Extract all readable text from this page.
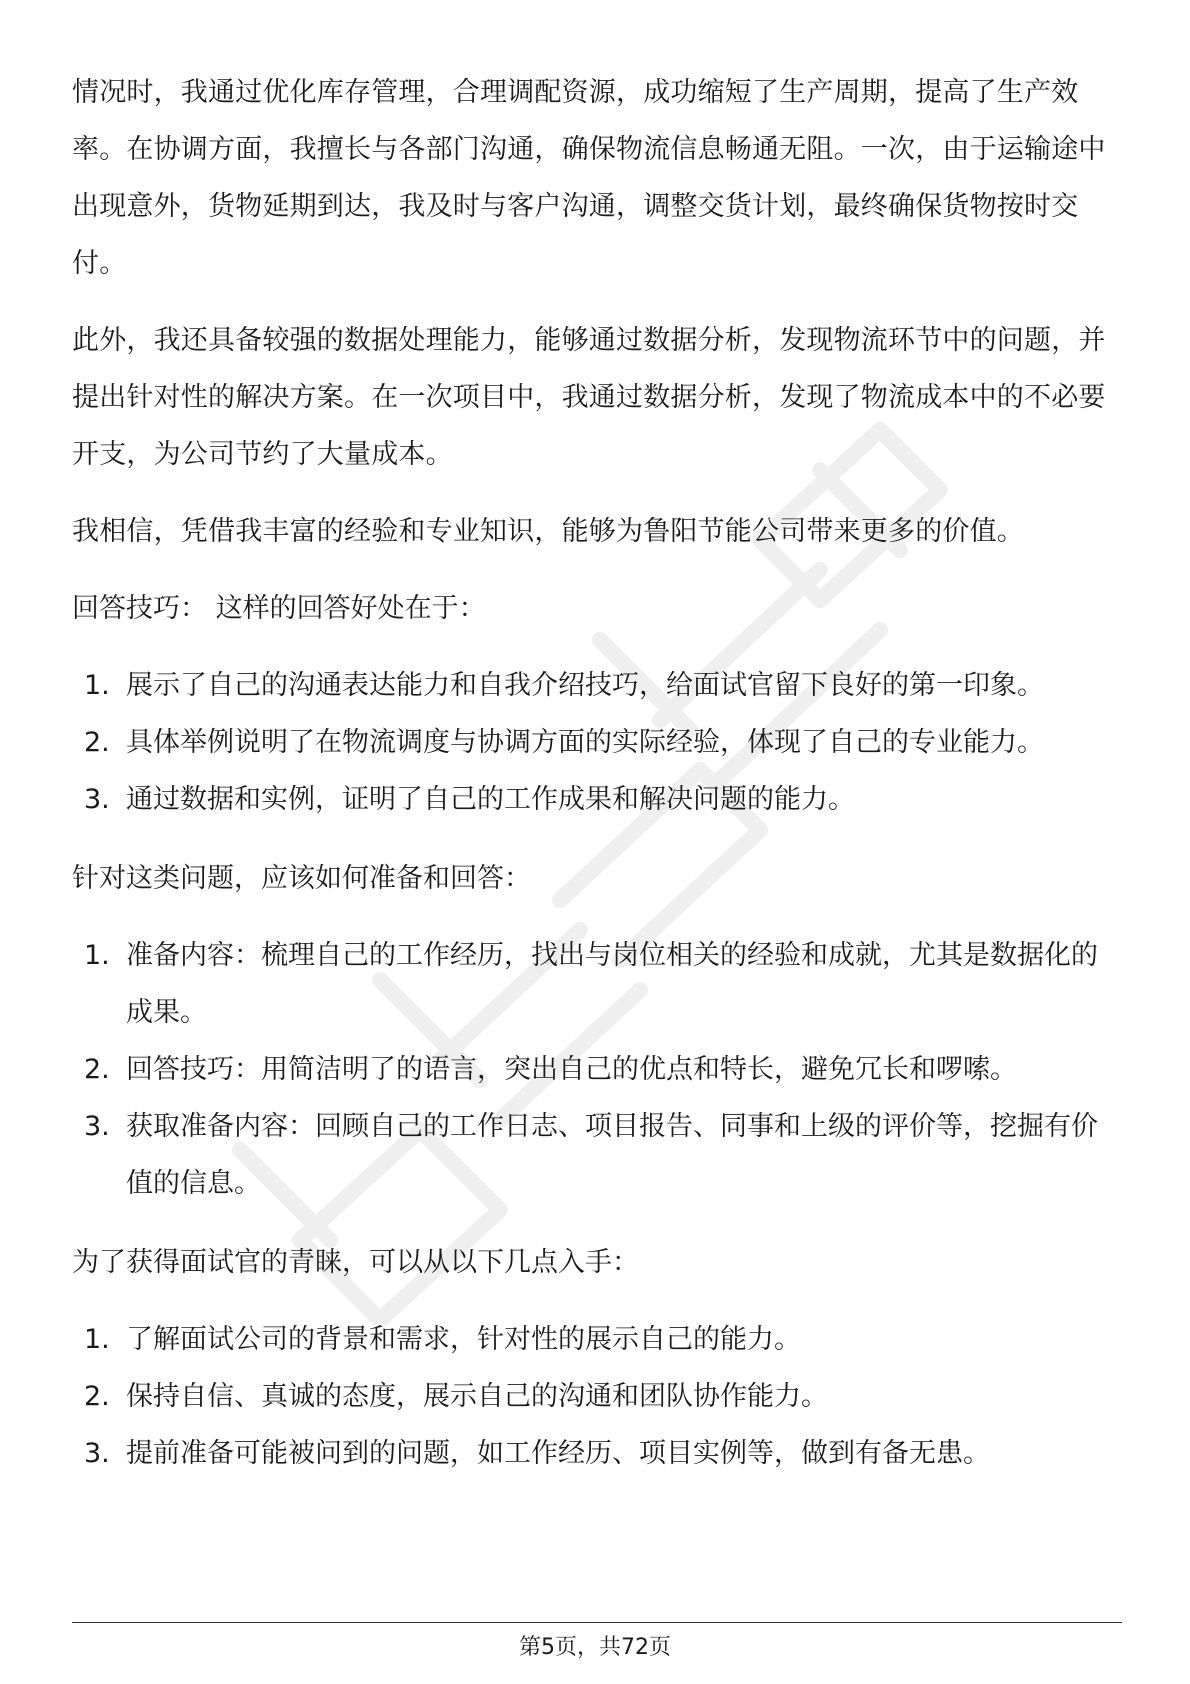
情况时，我通过优化库存管理，合理调配资源，成功缩短了生产周期，提高了生产效率。在协调方面，我擅长与各部门沟通，确保物流信息畅通无阻。一次，由于运输途中出现意外，货物延期到达，我及时与客户沟通，调整交货计划，最终确保货物按时交付。

此外，我还具备较强的数据处理能力，能够通过数据分析，发现物流环节中的问题，并提出针对性的解决方案。在一次项目中，我通过数据分析，发现了物流成本中的不必要开支，为公司节约了大量成本。

我相信，凭借我丰富的经验和专业知识，能够为鲁阳节能公司带来更多的价值。

回答技巧： 这样的回答好处在于：

1. 展示了自己的沟通表达能力和自我介绍技巧，给面试官留下良好的第一印象。
2. 具体举例说明了在物流调度与协调方面的实际经验，体现了自己的专业能力。
3. 通过数据和实例，证明了自己的工作成果和解决问题的能力。

针对这类问题，应该如何准备和回答：

1. 准备内容：梳理自己的工作经历，找出与岗位相关的经验和成就，尤其是数据化的成果。
2. 回答技巧：用简洁明了的语言，突出自己的优点和特长，避免冗长和啰嗦。
3. 获取准备内容：回顾自己的工作日志、项目报告、同事和上级的评价等，挖掘有价值的信息。

为了获得面试官的青睐，可以从以下几点入手：

1. 了解面试公司的背景和需求，针对性的展示自己的能力。
2. 保持自信、真诚的态度，展示自己的沟通和团队协作能力。
3. 提前准备可能被问到的问题，如工作经历、项目实例等，做到有备无患。
第5页，共72页
